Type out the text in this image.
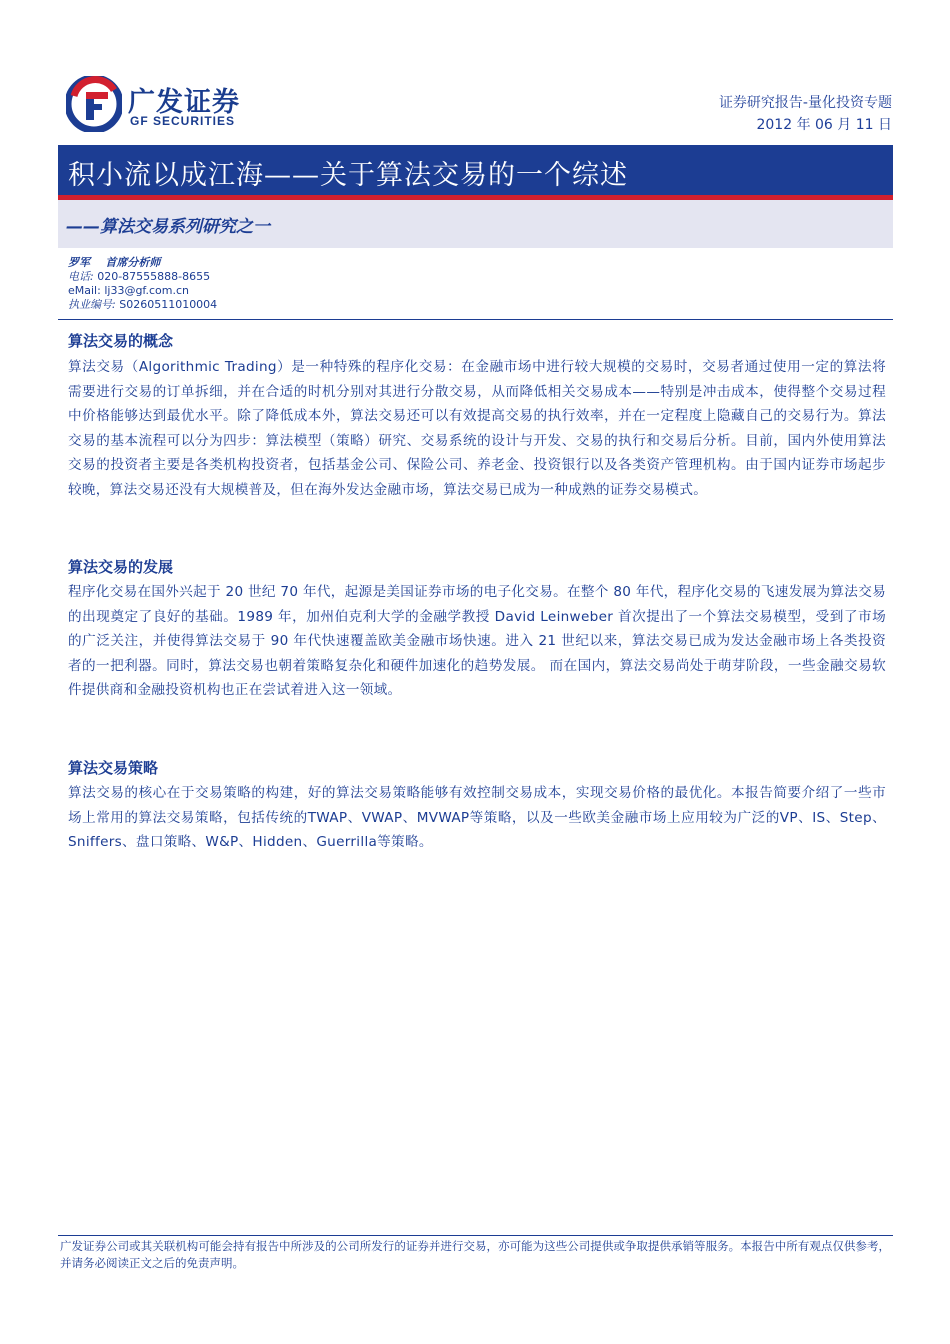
广发证券
GF SECURITIES
证券研究报告-量化投资专题
2012 年 06 月 11 日
积小流以成江海——关于算法交易的一个综述
——算法交易系列研究之一
罗军 首席分析师
电话: 020-87555888-8655
eMail: lj33@gf.com.cn
执业编号: S0260511010004
算法交易的概念
算法交易（Algorithmic Trading）是一种特殊的程序化交易：在金融市场中进行较大规模的交易时，交易者通过使用一定的算法将需要进行交易的订单拆细，并在合适的时机分别对其进行分散交易，从而降低相关交易成本——特别是冲击成本，使得整个交易过程中价格能够达到最优水平。除了降低成本外，算法交易还可以有效提高交易的执行效率，并在一定程度上隐藏自己的交易行为。算法交易的基本流程可以分为四步：算法模型（策略）研究、交易系统的设计与开发、交易的执行和交易后分析。目前，国内外使用算法交易的投资者主要是各类机构投资者，包括基金公司、保险公司、养老金、投资银行以及各类资产管理机构。由于国内证券市场起步较晚，算法交易还没有大规模普及，但在海外发达金融市场，算法交易已成为一种成熟的证券交易模式。
算法交易的发展
程序化交易在国外兴起于 20 世纪 70 年代，起源是美国证券市场的电子化交易。在整个 80 年代，程序化交易的飞速发展为算法交易的出现奠定了良好的基础。1989 年，加州伯克利大学的金融学教授 David Leinweber 首次提出了一个算法交易模型，受到了市场的广泛关注，并使得算法交易于 90 年代快速覆盖欧美金融市场快速。进入 21 世纪以来，算法交易已成为发达金融市场上各类投资者的一把利器。同时，算法交易也朝着策略复杂化和硬件加速化的趋势发展。 而在国内，算法交易尚处于萌芽阶段，一些金融交易软件提供商和金融投资机构也正在尝试着进入这一领域。
算法交易策略
算法交易的核心在于交易策略的构建，好的算法交易策略能够有效控制交易成本，实现交易价格的最优化。本报告简要介绍了一些市场上常用的算法交易策略，包括传统的TWAP、VWAP、MVWAP等策略，以及一些欧美金融市场上应用较为广泛的VP、IS、Step、Sniffers、盘口策略、W&P、Hidden、Guerrilla等策略。
广发证券公司或其关联机构可能会持有报告中所涉及的公司所发行的证券并进行交易，亦可能为这些公司提供或争取提供承销等服务。本报告中所有观点仅供参考，并请务必阅读正文之后的免责声明。
